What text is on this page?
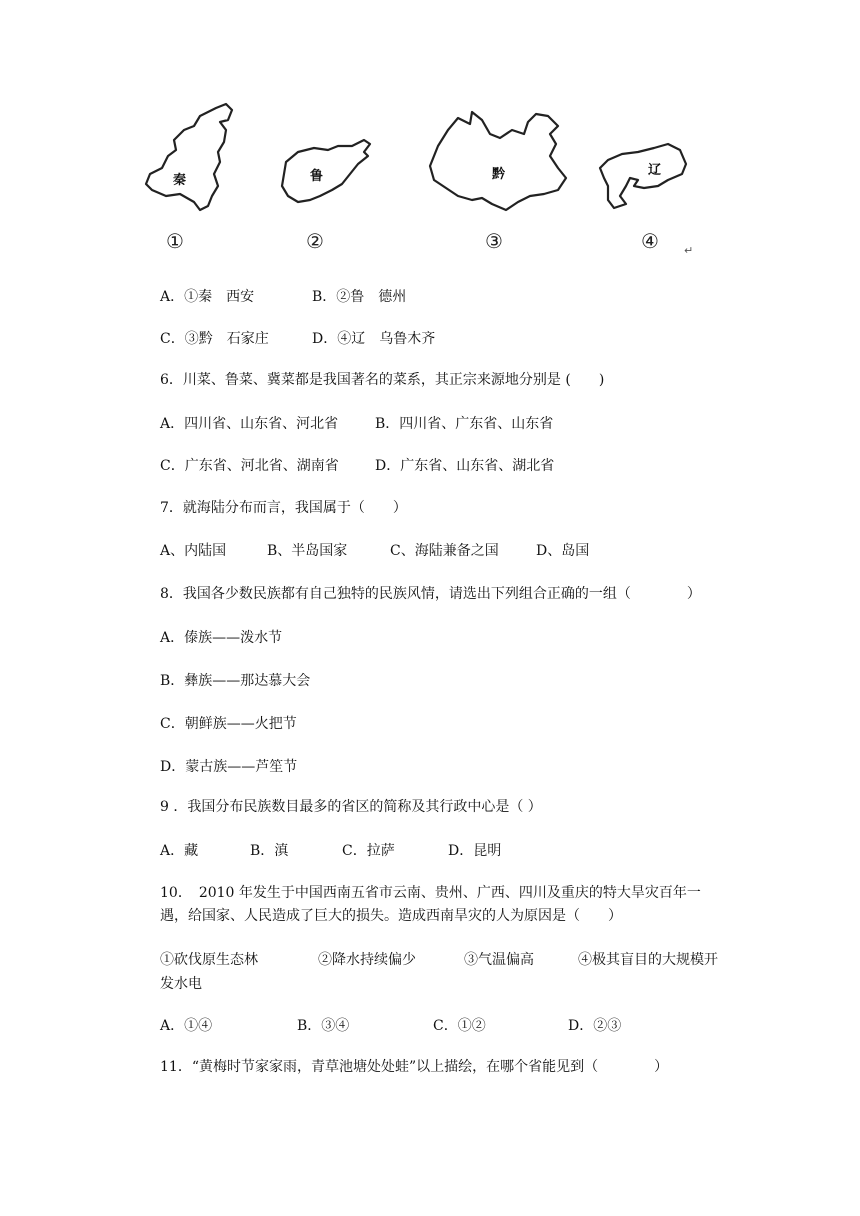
秦
①
鲁
②
黔
③
辽
④ ↵
A．①秦　西安	B．②鲁　德州
C．③黔　石家庄	D．④辽　乌鲁木齐
6．川菜、鲁菜、冀菜都是我国著名的菜系，其正宗来源地分别是 (　　)
A．四川省、山东省、河北省	B．四川省、广东省、山东省
C．广东省、河北省、湖南省	D．广东省、山东省、湖北省
7．就海陆分布而言，我国属于（　　）
A、内陆国	B、半岛国家	C、海陆兼备之国	D、岛国
8．我国各少数民族都有自己独特的民族风情，请选出下列组合正确的一组（　　　　）
A．傣族——泼水节
B．彝族——那达慕大会
C．朝鲜族——火把节
D．蒙古族——芦笙节
9 ．我国分布民族数目最多的省区的简称及其行政中心是（ ）
A．藏	B．滇	C．拉萨	D．昆明
10．　2010 年发生于中国西南五省市云南、贵州、广西、四川及重庆的特大旱灾百年一
遇，给国家、人民造成了巨大的损失。造成西南旱灾的人为原因是（　　）
①砍伐原生态林	②降水持续偏少	③气温偏高	④极其盲目的大规模开
发水电
A．①④	B．③④	C．①②	D．②③
11．“黄梅时节家家雨，青草池塘处处蛙”以上描绘，在哪个省能见到（　　　　）
